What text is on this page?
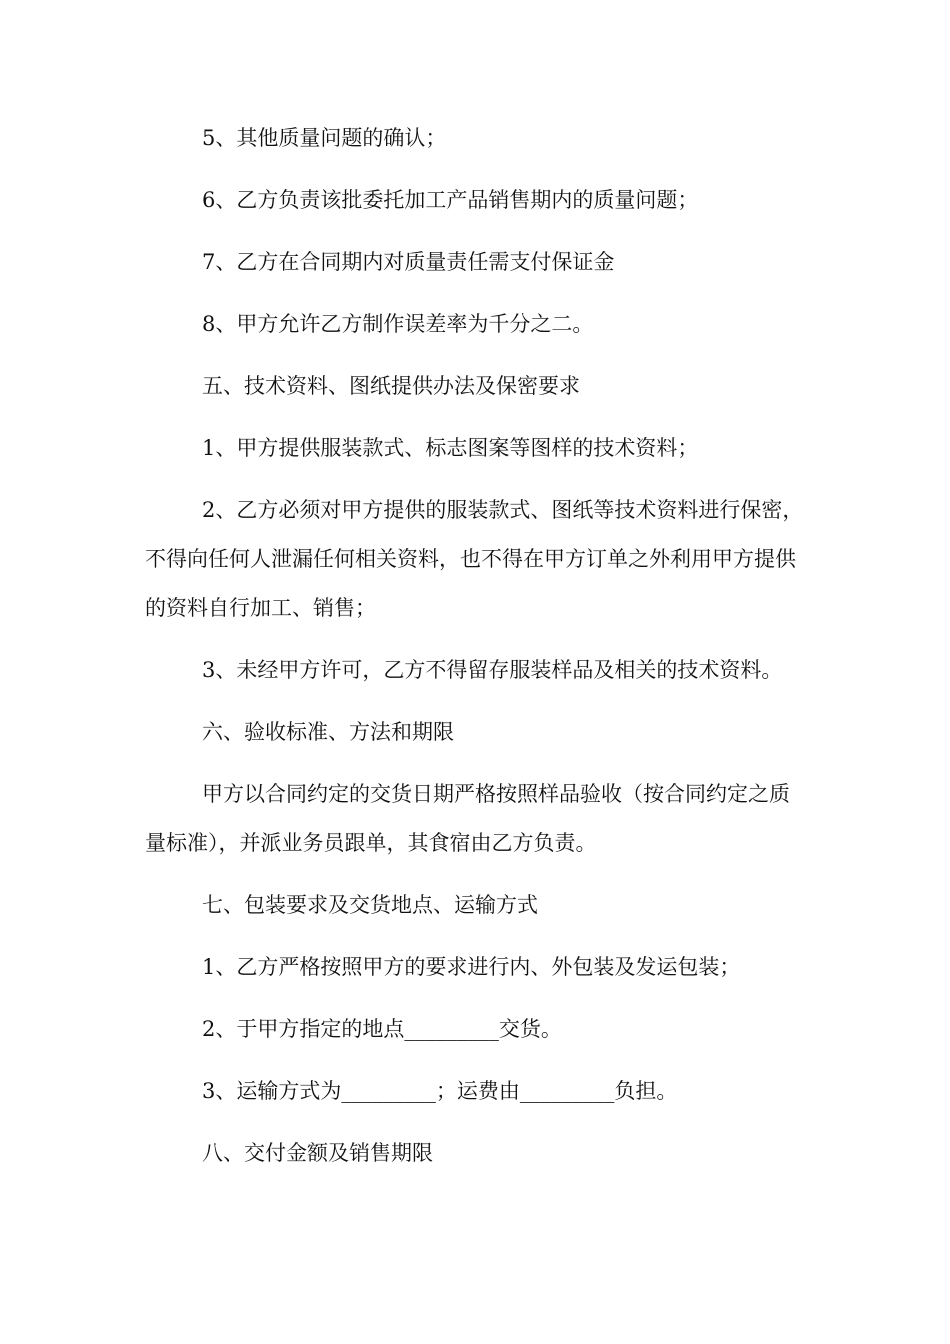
5、其他质量问题的确认；

6、乙方负责该批委托加工产品销售期内的质量问题；

7、乙方在合同期内对质量责任需支付保证金

8、甲方允许乙方制作误差率为千分之二。

五、技术资料、图纸提供办法及保密要求

1、甲方提供服装款式、标志图案等图样的技术资料；

2、乙方必须对甲方提供的服装款式、图纸等技术资料进行保密，不得向任何人泄漏任何相关资料，也不得在甲方订单之外利用甲方提供的资料自行加工、销售；

3、未经甲方许可，乙方不得留存服装样品及相关的技术资料。

六、验收标准、方法和期限

甲方以合同约定的交货日期严格按照样品验收（按合同约定之质量标准），并派业务员跟单，其食宿由乙方负责。

七、包装要求及交货地点、运输方式

1、乙方严格按照甲方的要求进行内、外包装及发运包装；

2、于甲方指定的地点_________交货。

3、运输方式为_________；运费由_________负担。

八、交付金额及销售期限
